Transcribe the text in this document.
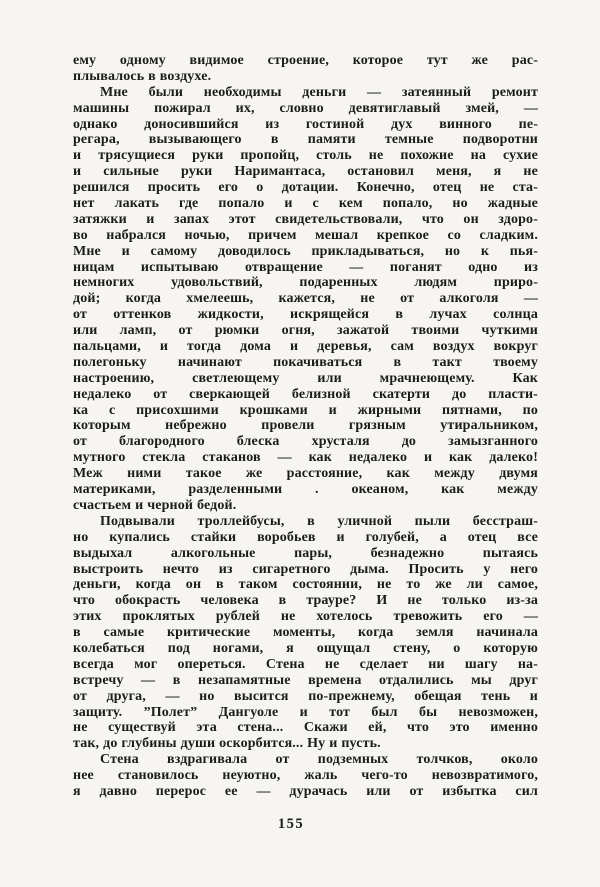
ему одному видимое строение, которое тут же рас-
плывалось в воздухе.
Мне были необходимы деньги — затеянный ремонт
машины пожирал их, словно девятиглавый змей, —
однако доносившийся из гостиной дух винного пе-
регара, вызывающего в памяти темные подворотни
и трясущиеся руки пропойц, столь не похожие на сухие
и сильные руки Наримантаса, остановил меня, я не
решился просить его о дотации. Конечно, отец не ста-
нет лакать где попало и с кем попало, но жадные
затяжки и запах этот свидетельствовали, что он здоро-
во набрался ночью, причем мешал крепкое со сладким.
Мне и самому доводилось прикладываться, но к пья-
ницам испытываю отвращение — поганят одно из
немногих удовольствий, подаренных людям приро-
дой; когда хмелеешь, кажется, не от алкоголя —
от оттенков жидкости, искрящейся в лучах солнца
или ламп, от рюмки огня, зажатой твоими чуткими
пальцами, и тогда дома и деревья, сам воздух вокруг
полегоньку начинают покачиваться в такт твоему
настроению, светлеющему или мрачнеющему. Как
недалеко от сверкающей белизной скатерти до пласти-
ка с присохшими крошками и жирными пятнами, по
которым небрежно провели грязным утиральником,
от благородного блеска хрусталя до замызганного
мутного стекла стаканов — как недалеко и как далеко!
Меж ними такое же расстояние, как между двумя
материками, разделенными . океаном, как между
счастьем и черной бедой.
Подвывали троллейбусы, в уличной пыли бесстраш-
но купались стайки воробьев и голубей, а отец все
выдыхал алкогольные пары, безнадежно пытаясь
выстроить нечто из сигаретного дыма. Просить у него
деньги, когда он в таком состоянии, не то же ли самое,
что обокрасть человека в трауре? И не только из-за
этих проклятых рублей не хотелось тревожить его —
в самые критические моменты, когда земля начинала
колебаться под ногами, я ощущал стену, о которую
всегда мог опереться. Стена не сделает ни шагу на-
встречу — в незапамятные времена отдалились мы друг
от друга, — но высится по-прежнему, обещая тень и
защиту. ”Полет” Дангуоле и тот был бы невозможен,
не существуй эта стена... Скажи ей, что это именно
так, до глубины души оскорбится... Ну и пусть.
Стена вздрагивала от подземных толчков, около
нее становилось неуютно, жаль чего-то невозвратимого,
я давно перерос ее — дурачась или от избытка сил
155
